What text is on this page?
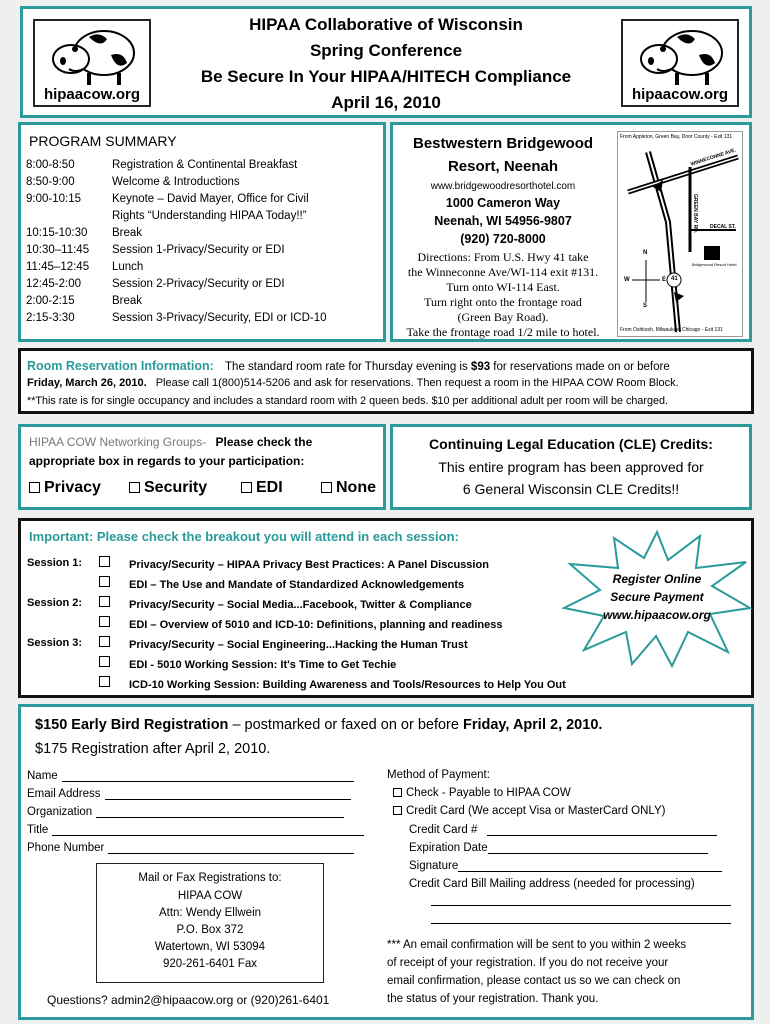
hipaacow.org
HIPAA Collaborative of Wisconsin
Spring Conference
Be Secure In Your HIPAA/HITECH Compliance
April 16, 2010	hipaacow.org
PROGRAM SUMMARY
8:00-8:50	Registration & Continental Breakfast
8:50-9:00	Welcome & Introductions
9:00-10:15	Keynote – David Mayer, Office for Civil
Rights “Understanding HIPAA Today!!”
10:15-10:30 Break
10:30–11:45 Session 1-Privacy/Security or EDI
11:45–12:45 Lunch
12:45-2:00	Session 2-Privacy/Security or EDI
2:00-2:15	Break
2:15-3:30	Session 3-Privacy/Security, EDI or ICD-10
Bestwestern Bridgewood
Resort, Neenah
www.bridgewoodresorthotel.com
1000 Cameron Way
Neenah, WI 54956-9807
(920) 720-8000
Directions: From U.S. Hwy 41 take
the Winneconne Ave/WI-114 exit #131.
Turn onto WI-114 East.
Turn right onto the frontage road
(Green Bay Road).
Take the frontage road 1/2 mile to hotel.
From Appleton, Green Bay, Door County - Exit 131
WINNECONNE AVE.
GREEN BAY RD. DECAL ST.
41
Bridgewood Resort Hotel
N
S
W	E
From Oshkosh, Milwaukee, Chicago - Exit 131
Room Reservation Information: The standard room rate for Thursday evening is $93 for reservations made on or before
Friday, March 26, 2010. Please call 1(800)514-5206 and ask for reservations. Then request a room in the HIPAA COW Room Block.
**This rate is for single occupancy and includes a standard room with 2 queen beds. $10 per additional adult per room will be charged.
HIPAA COW Networking Groups- Please check the
appropriate box in regards to your participation:
Privacy	Security	EDI	None
Continuing Legal Education (CLE) Credits:
This entire program has been approved for
6 General Wisconsin CLE Credits!!
Important: Please check the breakout you will attend in each session:
Session 1:	Privacy/Security – HIPAA Privacy Best Practices: A Panel Discussion
EDI – The Use and Mandate of Standardized Acknowledgements
Session 2:	Privacy/Security – Social Media...Facebook, Twitter & Compliance
EDI – Overview of 5010 and ICD-10: Definitions, planning and readiness
Session 3:	Privacy/Security – Social Engineering...Hacking the Human Trust
EDI - 5010 Working Session: It's Time to Get Techie
ICD-10 Working Session: Building Awareness and Tools/Resources to Help You Out
Register Online
Secure Payment
www.hipaacow.org
$150 Early Bird Registration – postmarked or faxed on or before Friday, April 2, 2010.
$175 Registration after April 2, 2010.
Name
Email Address
Organization
Title
Phone Number
Mail or Fax Registrations to:
HIPAA COW
Attn: Wendy Ellwein
P.O. Box 372
Watertown, WI 53094
920-261-6401 Fax
Questions? admin2@hipaacow.org or (920)261-6401
Method of Payment:
Check - Payable to HIPAA COW
Credit Card (We accept Visa or MasterCard ONLY)
Credit Card #
Expiration Date
Signature
Credit Card Bill Mailing address (needed for processing)
*** An email confirmation will be sent to you within 2 weeks
of receipt of your registration. If you do not receive your
email confirmation, please contact us so we can check on
the status of your registration. Thank you.
